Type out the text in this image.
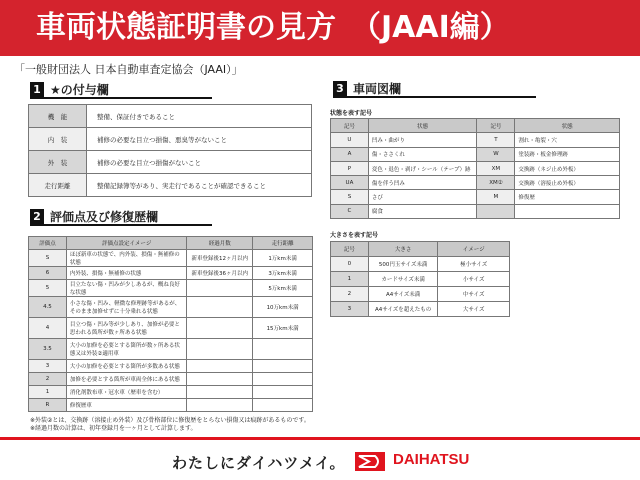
車両状態証明書の見方　（JAAI編）
「一般財団法人 日本自動車査定協会（JAAI）」
1 ★の付与欄
機　能	整備、保証付きであること
内　装	補修の必要な目立つ損傷、悪臭等がないこと
外　装	補修の必要な目立つ損傷がないこと
走行距離	整備記録簿等があり、実走行であることが確認できること
2 評価点及び修復歴欄
評価点	評価点設定イメージ	経過月数	走行距離
S	ほぼ新車の状態で、内外装、損傷・無補修の状態	新車登録後12ヶ月以内	1万km未満
6	内外装、損傷・無補修の状態	新車登録後36ヶ月以内	3万km未満
5	目立たない傷・凹みが少しあるが、概ね良好な状態		5万km未満
4.5	小さな傷・凹み、軽微な修理跡等があるが、そのまま加修せずに十分乗れる状態		10万km未満
4	目立つ傷・凹み等が少しあり、加修が必要と思われる箇所が数ヶ所ある状態		15万km未満
3.5	大小の加修を必要とする箇所が数ヶ所ある状態又は外装②適用車		
3	大小の加修を必要とする箇所が多数ある状態		
2	加修を必要とする箇所が車両全体にある状態		
1	消化剤散布車・冠水車（歴車を含む）		
R	修復歴車		
※外装②とは、交換跡（溶接止め外装）及び骨格部位に修復歴をとらない損傷又は痕跡があるものです。
※経過月数の計算は、初年登録月を一ヶ月として計算します。
3 車両図欄
状態を表す記号
記号	状態	記号	状態
U	凹み・曲がり	T	割れ・亀裂・穴
A	傷・ささくれ	W	塗装跡・板金修理跡
P	変色・退色・剥げ・シール（テープ）跡	XM	交換跡（ネジ止め外板）
UA	傷を伴う凹み	XM②	交換跡（溶接止め外板）
S	さび	M	修復歴
C	腐食		
大きさを表す記号
記号	大きさ	イメージ
0	500円玉サイズ未満	極小サイズ
1	カードサイズ未満	小サイズ
2	A4サイズ未満	中サイズ
3	A4サイズを超えたもの	大サイズ
わたしにダイハツメイ。	DAIHATSU
